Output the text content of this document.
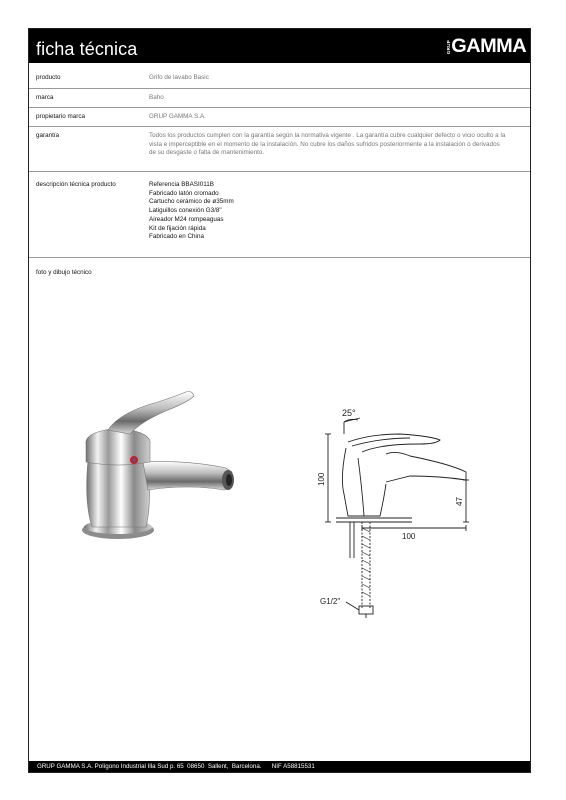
ficha técnica	GRUP GAMMA
producto	Grifo de lavabo Basic
marca	Baho
propietario marca	GRUP GAMMA S.A.
garantía	Todos los productos cumplen con la garantía según la normativa vigente . La garantía cubre cualquier defecto o vicio oculto a la
vista e imperceptible en el momento de la instalación. No cubre los daños sufridos posteriormente a la instalación o derivados
de su desgaste o falta de mantenimiento.
descripción técnica producto	Referencia BBASI011B
Fabricado latón cromado
Cartucho cerámico de ø35mm
Latiguillos conexión G3/8"
Aireador M24 rompeaguas
Kit de fijación rápida
Fabricado en China
foto y dibujo técnico
GRUP GAMMA S.A. Polígono Industrial Illa Sud p. 65  08650  Sallent,  Barcelona.      NIF A58815531
25°
100
47
100
G1/2"
